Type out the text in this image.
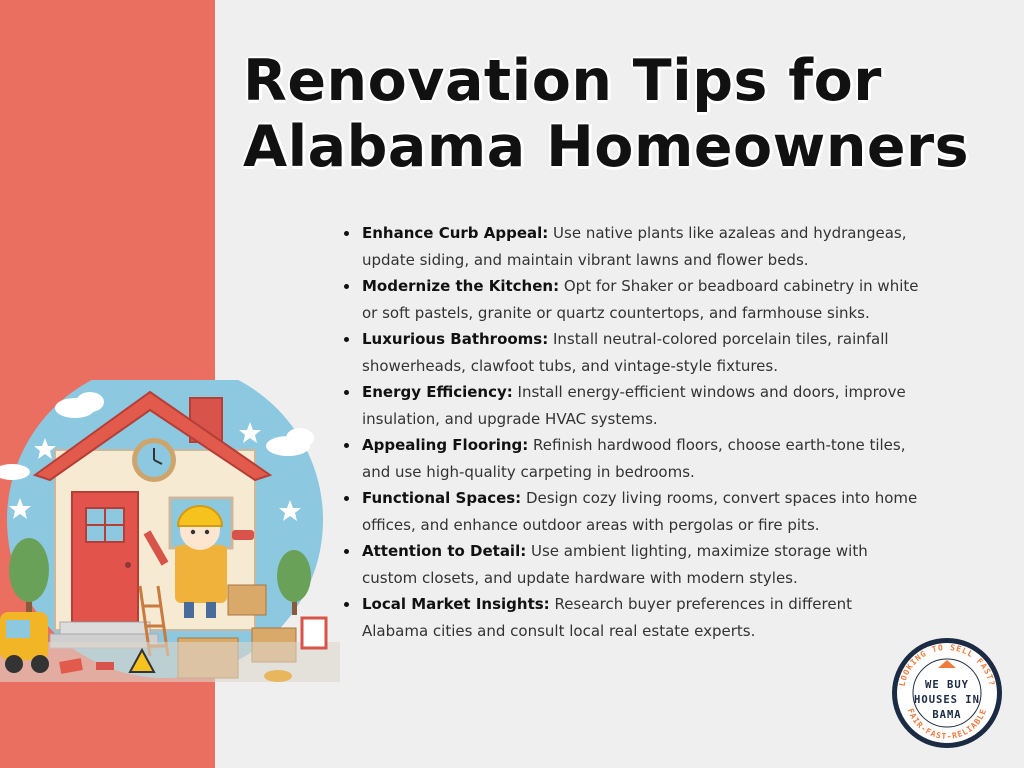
Renovation Tips for
Alabama Homeowners
• Enhance Curb Appeal: Use native plants like azaleas and hydrangeas, update siding, and maintain vibrant lawns and flower beds.
• Modernize the Kitchen: Opt for Shaker or beadboard cabinetry in white or soft pastels, granite or quartz countertops, and farmhouse sinks.
• Luxurious Bathrooms: Install neutral-colored porcelain tiles, rainfall showerheads, clawfoot tubs, and vintage-style fixtures.
• Energy Efficiency: Install energy-efficient windows and doors, improve insulation, and upgrade HVAC systems.
• Appealing Flooring: Refinish hardwood floors, choose earth-tone tiles, and use high-quality carpeting in bedrooms.
• Functional Spaces: Design cozy living rooms, convert spaces into home offices, and enhance outdoor areas with pergolas or fire pits.
• Attention to Detail: Use ambient lighting, maximize storage with custom closets, and update hardware with modern styles.
• Local Market Insights: Research buyer preferences in different Alabama cities and consult local real estate experts.
LOOKING TO SELL FAST?
FAIR-FAST-RELIABLE
WE BUY
HOUSES IN
BAMA
